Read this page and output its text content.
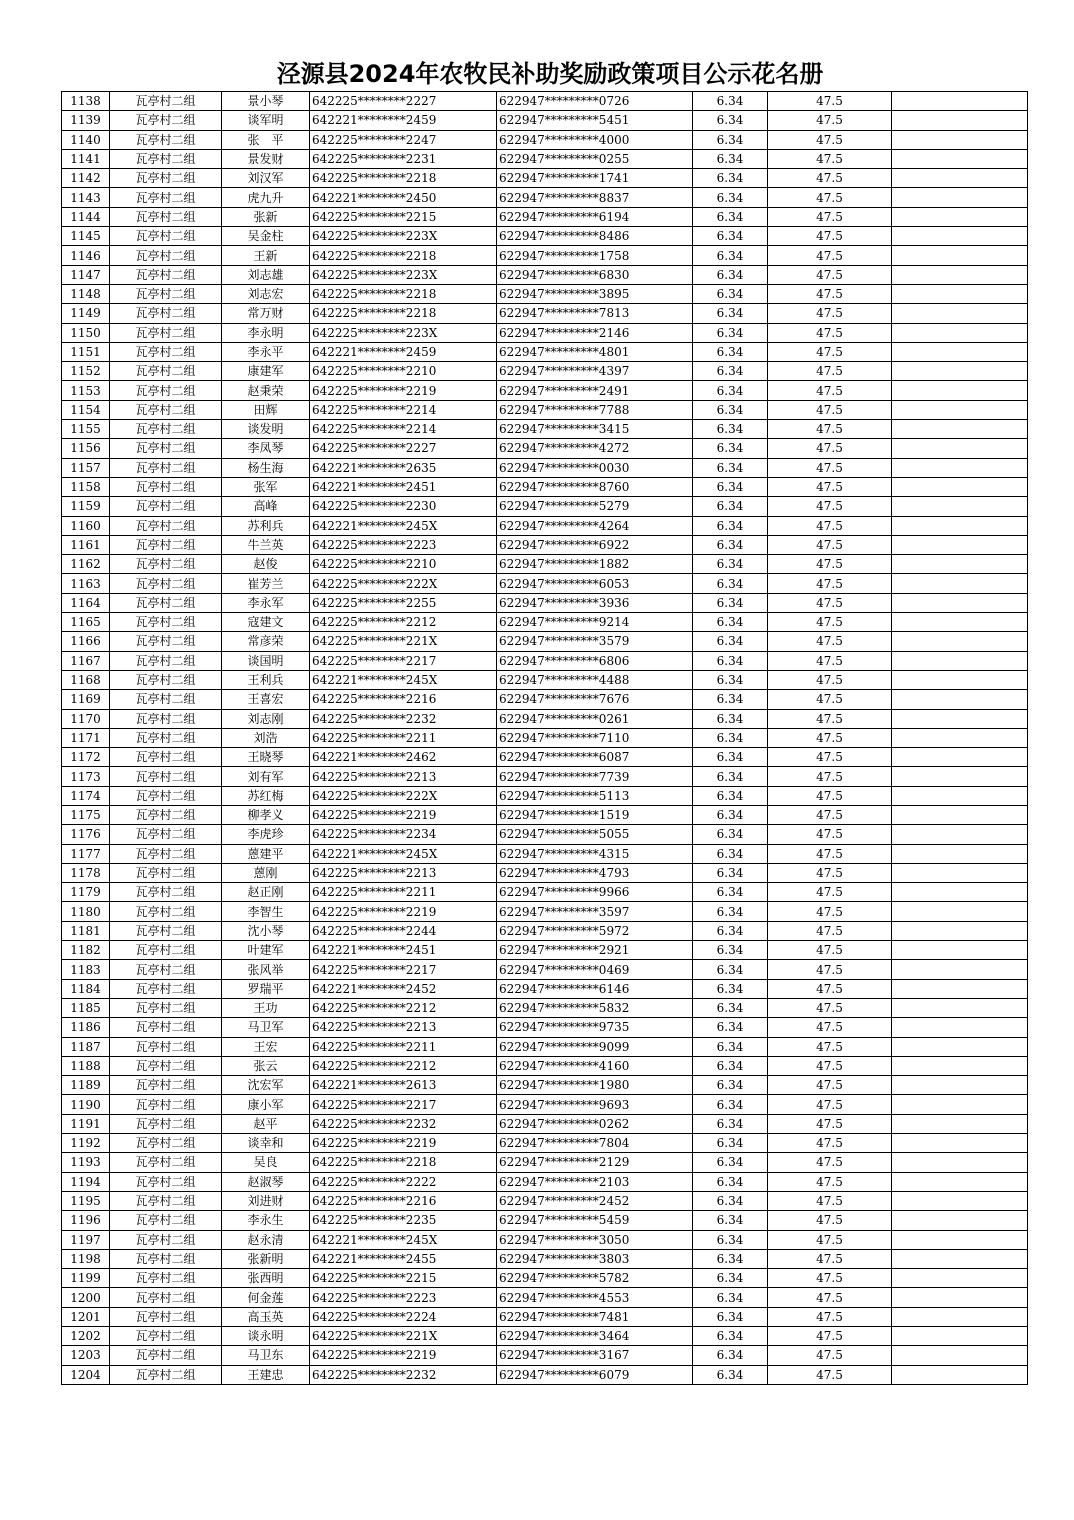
泾源县2024年农牧民补助奖励政策项目公示花名册
1138	瓦亭村二组	景小琴	642225********2227	622947*********0726	6.34	47.5	
1139	瓦亭村二组	谈军明	642221********2459	622947*********5451	6.34	47.5	
1140	瓦亭村二组	张　平	642225********2247	622947*********4000	6.34	47.5	
1141	瓦亭村二组	景发财	642225********2231	622947*********0255	6.34	47.5	
1142	瓦亭村二组	刘汉军	642225********2218	622947*********1741	6.34	47.5	
1143	瓦亭村二组	虎九升	642221********2450	622947*********8837	6.34	47.5	
1144	瓦亭村二组	张新	642225********2215	622947*********6194	6.34	47.5	
1145	瓦亭村二组	吴金柱	642225********223X	622947*********8486	6.34	47.5	
1146	瓦亭村二组	王新	642225********2218	622947*********1758	6.34	47.5	
1147	瓦亭村二组	刘志雄	642225********223X	622947*********6830	6.34	47.5	
1148	瓦亭村二组	刘志宏	642225********2218	622947*********3895	6.34	47.5	
1149	瓦亭村二组	常万财	642225********2218	622947*********7813	6.34	47.5	
1150	瓦亭村二组	李永明	642225********223X	622947*********2146	6.34	47.5	
1151	瓦亭村二组	李永平	642221********2459	622947*********4801	6.34	47.5	
1152	瓦亭村二组	康建军	642225********2210	622947*********4397	6.34	47.5	
1153	瓦亭村二组	赵秉荣	642225********2219	622947*********2491	6.34	47.5	
1154	瓦亭村二组	田辉	642225********2214	622947*********7788	6.34	47.5	
1155	瓦亭村二组	谈发明	642225********2214	622947*********3415	6.34	47.5	
1156	瓦亭村二组	李凤琴	642225********2227	622947*********4272	6.34	47.5	
1157	瓦亭村二组	杨生海	642221********2635	622947*********0030	6.34	47.5	
1158	瓦亭村二组	张军	642221********2451	622947*********8760	6.34	47.5	
1159	瓦亭村二组	高峰	642225********2230	622947*********5279	6.34	47.5	
1160	瓦亭村二组	苏利兵	642221********245X	622947*********4264	6.34	47.5	
1161	瓦亭村二组	牛兰英	642225********2223	622947*********6922	6.34	47.5	
1162	瓦亭村二组	赵俊	642225********2210	622947*********1882	6.34	47.5	
1163	瓦亭村二组	崔芳兰	642225********222X	622947*********6053	6.34	47.5	
1164	瓦亭村二组	李永军	642225********2255	622947*********3936	6.34	47.5	
1165	瓦亭村二组	寇建文	642225********2212	622947*********9214	6.34	47.5	
1166	瓦亭村二组	常彦荣	642225********221X	622947*********3579	6.34	47.5	
1167	瓦亭村二组	谈国明	642225********2217	622947*********6806	6.34	47.5	
1168	瓦亭村二组	王利兵	642221********245X	622947*********4488	6.34	47.5	
1169	瓦亭村二组	王喜宏	642225********2216	622947*********7676	6.34	47.5	
1170	瓦亭村二组	刘志刚	642225********2232	622947*********0261	6.34	47.5	
1171	瓦亭村二组	刘浩	642225********2211	622947*********7110	6.34	47.5	
1172	瓦亭村二组	王晓琴	642221********2462	622947*********6087	6.34	47.5	
1173	瓦亭村二组	刘有军	642225********2213	622947*********7739	6.34	47.5	
1174	瓦亭村二组	苏红梅	642225********222X	622947*********5113	6.34	47.5	
1175	瓦亭村二组	柳孝义	642225********2219	622947*********1519	6.34	47.5	
1176	瓦亭村二组	李虎珍	642225********2234	622947*********5055	6.34	47.5	
1177	瓦亭村二组	蒽建平	642221********245X	622947*********4315	6.34	47.5	
1178	瓦亭村二组	蒽刚	642225********2213	622947*********4793	6.34	47.5	
1179	瓦亭村二组	赵正刚	642225********2211	622947*********9966	6.34	47.5	
1180	瓦亭村二组	李智生	642225********2219	622947*********3597	6.34	47.5	
1181	瓦亭村二组	沈小琴	642225********2244	622947*********5972	6.34	47.5	
1182	瓦亭村二组	叶建军	642221********2451	622947*********2921	6.34	47.5	
1183	瓦亭村二组	张风举	642225********2217	622947*********0469	6.34	47.5	
1184	瓦亭村二组	罗瑞平	642221********2452	622947*********6146	6.34	47.5	
1185	瓦亭村二组	王功	642225********2212	622947*********5832	6.34	47.5	
1186	瓦亭村二组	马卫军	642225********2213	622947*********9735	6.34	47.5	
1187	瓦亭村二组	王宏	642225********2211	622947*********9099	6.34	47.5	
1188	瓦亭村二组	张云	642225********2212	622947*********4160	6.34	47.5	
1189	瓦亭村二组	沈宏军	642221********2613	622947*********1980	6.34	47.5	
1190	瓦亭村二组	康小军	642225********2217	622947*********9693	6.34	47.5	
1191	瓦亭村二组	赵平	642225********2232	622947*********0262	6.34	47.5	
1192	瓦亭村二组	谈幸和	642225********2219	622947*********7804	6.34	47.5	
1193	瓦亭村二组	吴良	642225********2218	622947*********2129	6.34	47.5	
1194	瓦亭村二组	赵淑琴	642225********2222	622947*********2103	6.34	47.5	
1195	瓦亭村二组	刘进财	642225********2216	622947*********2452	6.34	47.5	
1196	瓦亭村二组	李永生	642225********2235	622947*********5459	6.34	47.5	
1197	瓦亭村二组	赵永清	642221********245X	622947*********3050	6.34	47.5	
1198	瓦亭村二组	张新明	642221********2455	622947*********3803	6.34	47.5	
1199	瓦亭村二组	张西明	642225********2215	622947*********5782	6.34	47.5	
1200	瓦亭村二组	何金莲	642225********2223	622947*********4553	6.34	47.5	
1201	瓦亭村二组	高玉英	642225********2224	622947*********7481	6.34	47.5	
1202	瓦亭村二组	谈永明	642225********221X	622947*********3464	6.34	47.5	
1203	瓦亭村二组	马卫东	642225********2219	622947*********3167	6.34	47.5	
1204	瓦亭村二组	王建忠	642225********2232	622947*********6079	6.34	47.5	
